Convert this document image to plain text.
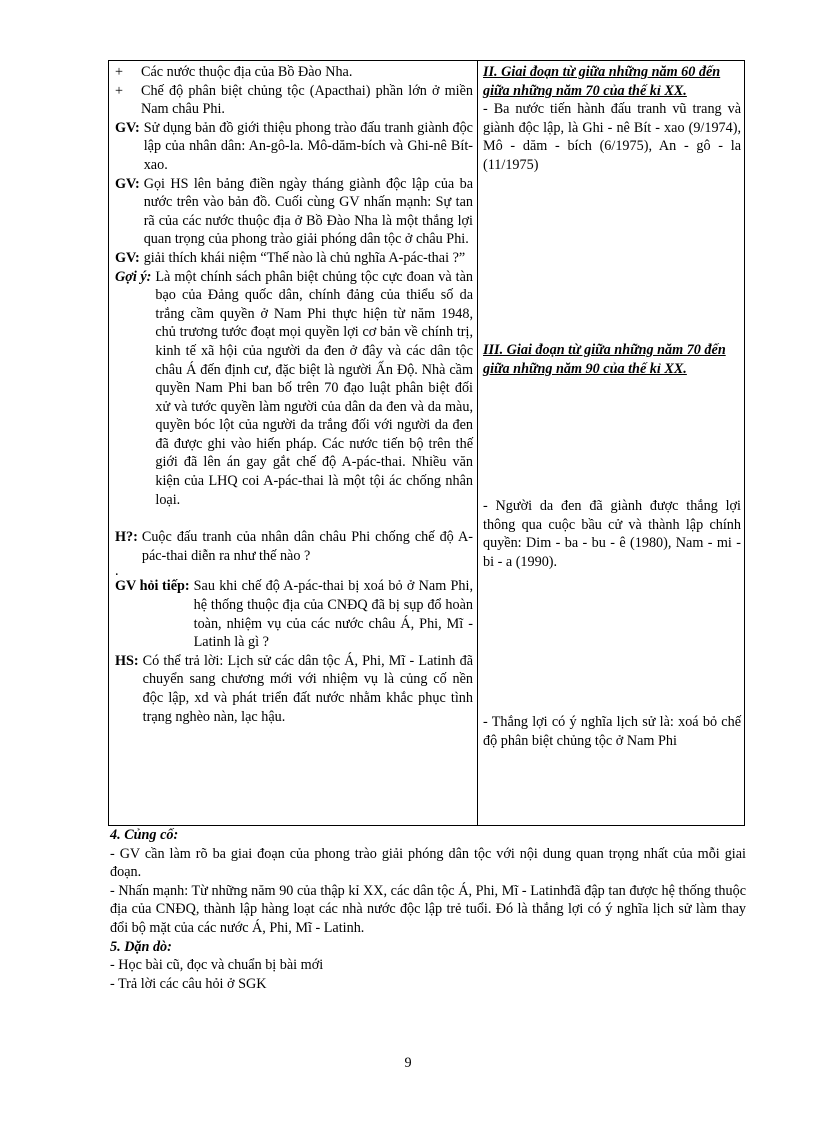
+	Các nước thuộc địa của Bồ Đào Nha.
+	Chế độ phân biệt chủng tộc (Apacthai) phần lớn ở miền Nam châu Phi.
GV: Sử dụng bản đồ giới thiệu phong trào đấu tranh giành độc lập của nhân dân: An-gô-la. Mô-dăm-bích và Ghi-nê Bít-xao.
GV: Gọi HS lên bảng điền ngày tháng giành độc lập của ba nước trên vào bản đồ. Cuối cùng GV nhấn mạnh: Sự tan rã của các nước thuộc địa ở Bồ Đào Nha là một thắng lợi quan trọng của phong trào giải phóng dân tộc ở châu Phi.
GV: giải thích khái niệm “Thế nào là chủ nghĩa A-pác-thai ?”
Gợi ý: Là một chính sách phân biệt chủng tộc cực đoan và tàn bạo của Đảng quốc dân, chính đảng của thiểu số da trắng cầm quyền ở Nam Phi thực hiện từ năm 1948, chủ trương tước đoạt mọi quyền lợi cơ bản về chính trị, kinh tế xã hội của người da đen ở đây và các dân tộc châu Á đến định cư, đặc biệt là người Ấn Độ. Nhà cầm quyền Nam Phi ban bố trên 70 đạo luật phân biệt đối xử và tước quyền làm người của dân da đen và da màu, quyền bóc lột của người da trắng đối với người da đen đã được ghi vào hiến pháp. Các nước tiến bộ trên thế giới đã lên án gay gắt chế độ A-pác-thai. Nhiều văn kiện của LHQ coi A-pác-thai là một tội ác chống nhân loại.
H?: Cuộc đấu tranh của nhân dân châu Phi chống chế độ A-pác-thai diễn ra như thế nào ?
.
GV hỏi tiếp: Sau khi chế độ A-pác-thai bị xoá bỏ ở Nam Phi, hệ thống thuộc địa của CNĐQ đã bị sụp đổ hoàn toàn, nhiệm vụ của các nước châu Á, Phi, Mĩ - Latinh là gì ?
HS: Có thể trả lời: Lịch sử các dân tộc Á, Phi, Mĩ - Latinh đã chuyển sang chương mới với nhiệm vụ là củng cố nền độc lập, xd và phát triển đất nước nhằm khắc phục tình trạng nghèo nàn, lạc hậu.
II. Giai đoạn từ giữa những năm 60 đến giữa những năm 70 của thế kỉ XX.
- Ba nước tiến hành đấu tranh vũ trang và giành độc lập, là Ghi - nê Bít - xao (9/1974), Mô - dăm - bích (6/1975), An - gô - la (11/1975)
III. Giai đoạn từ giữa những năm 70 đến giữa những năm 90 của thế kỉ XX.
- Người da đen đã giành được thắng lợi thông qua cuộc bầu cử và thành lập chính quyền: Dim - ba - bu - ê (1980), Nam - mi - bi - a (1990).
- Thắng lợi có ý nghĩa lịch sử là: xoá bỏ chế độ phân biệt chủng tộc ở Nam Phi
4. Củng cố:

- GV cần làm rõ ba giai đoạn của phong trào giải phóng dân tộc với nội dung quan trọng nhất của mỗi giai đoạn.

- Nhấn mạnh: Từ những năm 90 của thập kỉ XX, các dân tộc Á, Phi, Mĩ - Latinhđã đập tan được hệ thống thuộc địa của CNĐQ, thành lập hàng loạt các nhà nước độc lập trẻ tuổi. Đó là thắng lợi có ý nghĩa lịch sử làm thay đổi bộ mặt của các nước Á, Phi, Mĩ - Latinh.

5. Dặn dò:

- Học bài cũ, đọc và chuẩn bị bài mới

- Trả lời các câu hỏi ở SGK

9
